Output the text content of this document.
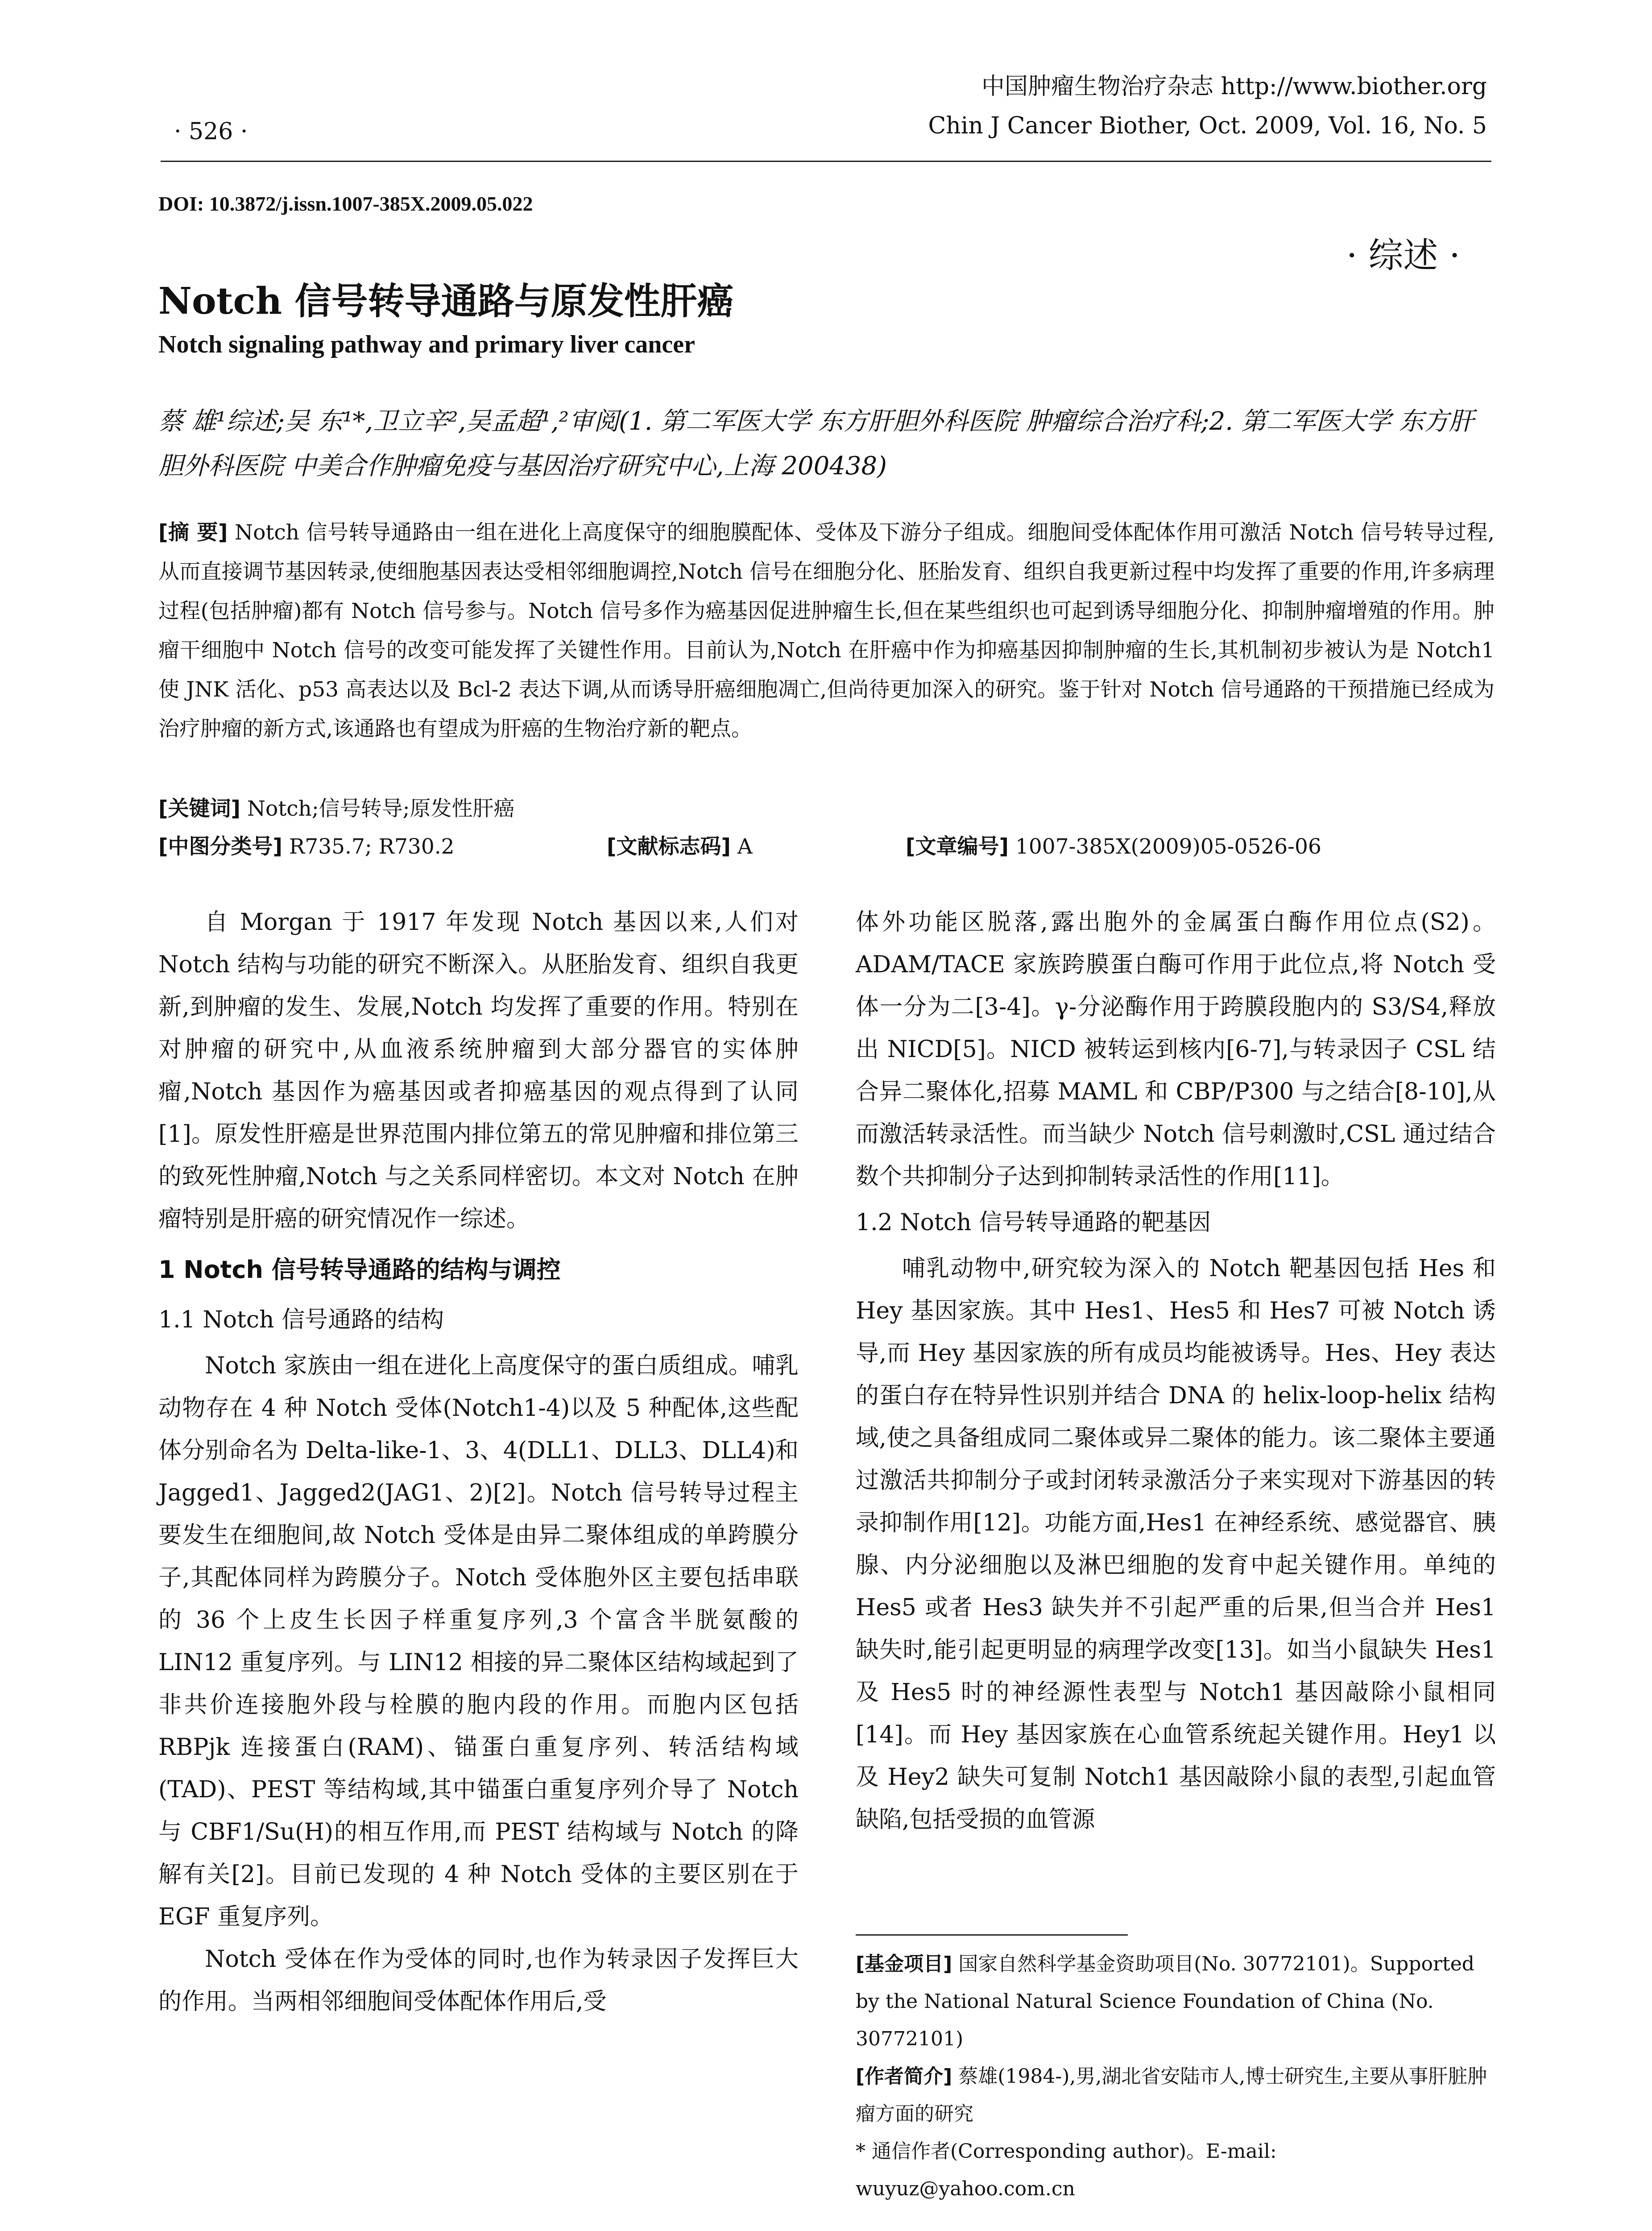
· 526 ·
中国肿瘤生物治疗杂志 http://www.biother.org
Chin J Cancer Biother, Oct. 2009, Vol. 16, No. 5
DOI: 10.3872/j.issn.1007-385X.2009.05.022
· 综述 ·
Notch 信号转导通路与原发性肝癌
Notch signaling pathway and primary liver cancer
蔡 雄¹综述;吴 东¹*,卫立辛²,吴孟超¹,²审阅(1. 第二军医大学 东方肝胆外科医院 肿瘤综合治疗科;2. 第二军医大学 东方肝胆外科医院 中美合作肿瘤免疫与基因治疗研究中心,上海 200438)
[摘 要] Notch 信号转导通路由一组在进化上高度保守的细胞膜配体、受体及下游分子组成。细胞间受体配体作用可激活 Notch 信号转导过程,从而直接调节基因转录,使细胞基因表达受相邻细胞调控,Notch 信号在细胞分化、胚胎发育、组织自我更新过程中均发挥了重要的作用,许多病理过程(包括肿瘤)都有 Notch 信号参与。Notch 信号多作为癌基因促进肿瘤生长,但在某些组织也可起到诱导细胞分化、抑制肿瘤增殖的作用。肿瘤干细胞中 Notch 信号的改变可能发挥了关键性作用。目前认为,Notch 在肝癌中作为抑癌基因抑制肿瘤的生长,其机制初步被认为是 Notch1 使 JNK 活化、p53 高表达以及 Bcl-2 表达下调,从而诱导肝癌细胞凋亡,但尚待更加深入的研究。鉴于针对 Notch 信号通路的干预措施已经成为治疗肿瘤的新方式,该通路也有望成为肝癌的生物治疗新的靶点。
[关键词] Notch;信号转导;原发性肝癌
[中图分类号] R735.7; R730.2	[文献标志码] A	[文章编号] 1007-385X(2009)05-0526-06

自 Morgan 于 1917 年发现 Notch 基因以来,人们对 Notch 结构与功能的研究不断深入。从胚胎发育、组织自我更新,到肿瘤的发生、发展,Notch 均发挥了重要的作用。特别在对肿瘤的研究中,从血液系统肿瘤到大部分器官的实体肿瘤,Notch 基因作为癌基因或者抑癌基因的观点得到了认同[1]。原发性肝癌是世界范围内排位第五的常见肿瘤和排位第三的致死性肿瘤,Notch 与之关系同样密切。本文对 Notch 在肿瘤特别是肝癌的研究情况作一综述。

1 Notch 信号转导通路的结构与调控
1.1 Notch 信号通路的结构

Notch 家族由一组在进化上高度保守的蛋白质组成。哺乳动物存在 4 种 Notch 受体(Notch1-4)以及 5 种配体,这些配体分别命名为 Delta-like-1、3、4(DLL1、DLL3、DLL4)和 Jagged1、Jagged2(JAG1、2)[2]。Notch 信号转导过程主要发生在细胞间,故 Notch 受体是由异二聚体组成的单跨膜分子,其配体同样为跨膜分子。Notch 受体胞外区主要包括串联的 36 个上皮生长因子样重复序列,3 个富含半胱氨酸的 LIN12 重复序列。与 LIN12 相接的异二聚体区结构域起到了非共价连接胞外段与栓膜的胞内段的作用。而胞内区包括 RBPjk 连接蛋白(RAM)、锚蛋白重复序列、转活结构域(TAD)、PEST 等结构域,其中锚蛋白重复序列介导了 Notch 与 CBF1/Su(H)的相互作用,而 PEST 结构域与 Notch 的降解有关[2]。目前已发现的 4 种 Notch 受体的主要区别在于 EGF 重复序列。

Notch 受体在作为受体的同时,也作为转录因子发挥巨大的作用。当两相邻细胞间受体配体作用后,受

体外功能区脱落,露出胞外的金属蛋白酶作用位点(S2)。ADAM/TACE 家族跨膜蛋白酶可作用于此位点,将 Notch 受体一分为二[3-4]。γ-分泌酶作用于跨膜段胞内的 S3/S4,释放出 NICD[5]。NICD 被转运到核内[6-7],与转录因子 CSL 结合异二聚体化,招募 MAML 和 CBP/P300 与之结合[8-10],从而激活转录活性。而当缺少 Notch 信号刺激时,CSL 通过结合数个共抑制分子达到抑制转录活性的作用[11]。

1.2 Notch 信号转导通路的靶基因

哺乳动物中,研究较为深入的 Notch 靶基因包括 Hes 和 Hey 基因家族。其中 Hes1、Hes5 和 Hes7 可被 Notch 诱导,而 Hey 基因家族的所有成员均能被诱导。Hes、Hey 表达的蛋白存在特异性识别并结合 DNA 的 helix-loop-helix 结构域,使之具备组成同二聚体或异二聚体的能力。该二聚体主要通过激活共抑制分子或封闭转录激活分子来实现对下游基因的转录抑制作用[12]。功能方面,Hes1 在神经系统、感觉器官、胰腺、内分泌细胞以及淋巴细胞的发育中起关键作用。单纯的 Hes5 或者 Hes3 缺失并不引起严重的后果,但当合并 Hes1 缺失时,能引起更明显的病理学改变[13]。如当小鼠缺失 Hes1 及 Hes5 时的神经源性表型与 Notch1 基因敲除小鼠相同[14]。而 Hey 基因家族在心血管系统起关键作用。Hey1 以及 Hey2 缺失可复制 Notch1 基因敲除小鼠的表型,引起血管缺陷,包括受损的血管源

[基金项目] 国家自然科学基金资助项目(No. 30772101)。Supported by the National Natural Science Foundation of China (No. 30772101)

[作者简介] 蔡雄(1984-),男,湖北省安陆市人,博士研究生,主要从事肝脏肿瘤方面的研究

* 通信作者(Corresponding author)。E-mail: wuyuz@yahoo.com.cn
